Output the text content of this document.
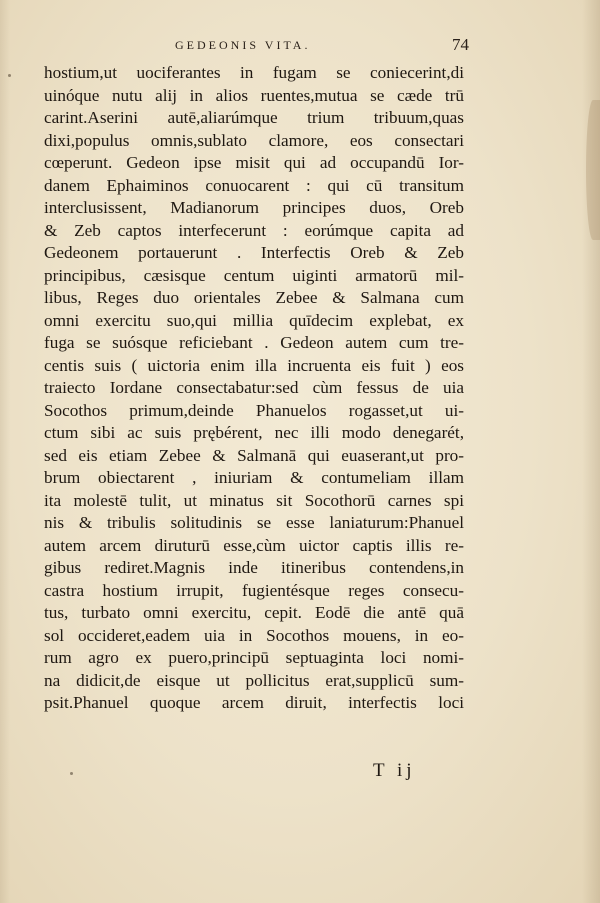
GEDEONIS VITA.	74
hostium,ut uociferantes in fugam se coniecerint,di
uinóque nutu alij in alios ruentes,mutua se cæde trū
carint.Aserini autē,aliarúmque trium tribuum,quas
dixi,populus omnis,sublato clamore, eos consectari
cœperunt. Gedeon ipse misit qui ad occupandū Ior-
danem Ephaiminos conuocarent : qui cū transitum
interclusissent, Madianorum principes duos, Oreb
& Zeb captos interfecerunt : eorúmque capita ad
Gedeonem portauerunt . Interfectis Oreb & Zeb
principibus, cæsisque centum uiginti armatorū mil-
libus, Reges duo orientales Zebee & Salmana cum
omni exercitu suo,qui millia quīdecim explebat, ex
fuga se suósque reficiebant . Gedeon autem cum tre-
centis suis ( uictoria enim illa incruenta eis fuit ) eos
traiecto Iordane consectabatur:sed cùm fessus de uia
Socothos primum,deinde Phanuelos rogasset,ut ui-
ctum sibi ac suis prębérent, nec illi modo denegarét,
sed eis etiam Zebee & Salmanā qui euaserant,ut pro-
brum obiectarent , iniuriam & contumeliam illam
ita molestē tulit, ut minatus sit Socothorū carnes spi
nis & tribulis solitudinis se esse laniaturum:Phanuel
autem arcem diruturū esse,cùm uictor captis illis re-
gibus rediret.Magnis inde itineribus contendens,in
castra hostium irrupit, fugientésque reges consecu-
tus, turbato omni exercitu, cepit. Eodē die antē quā
sol occideret,eadem uia in Socothos mouens, in eo-
rum agro ex puero,principū septuaginta loci nomi-
na didicit,de eisque ut pollicitus erat,supplicū sum-
psit.Phanuel quoque arcem diruit, interfectis loci
T ij
